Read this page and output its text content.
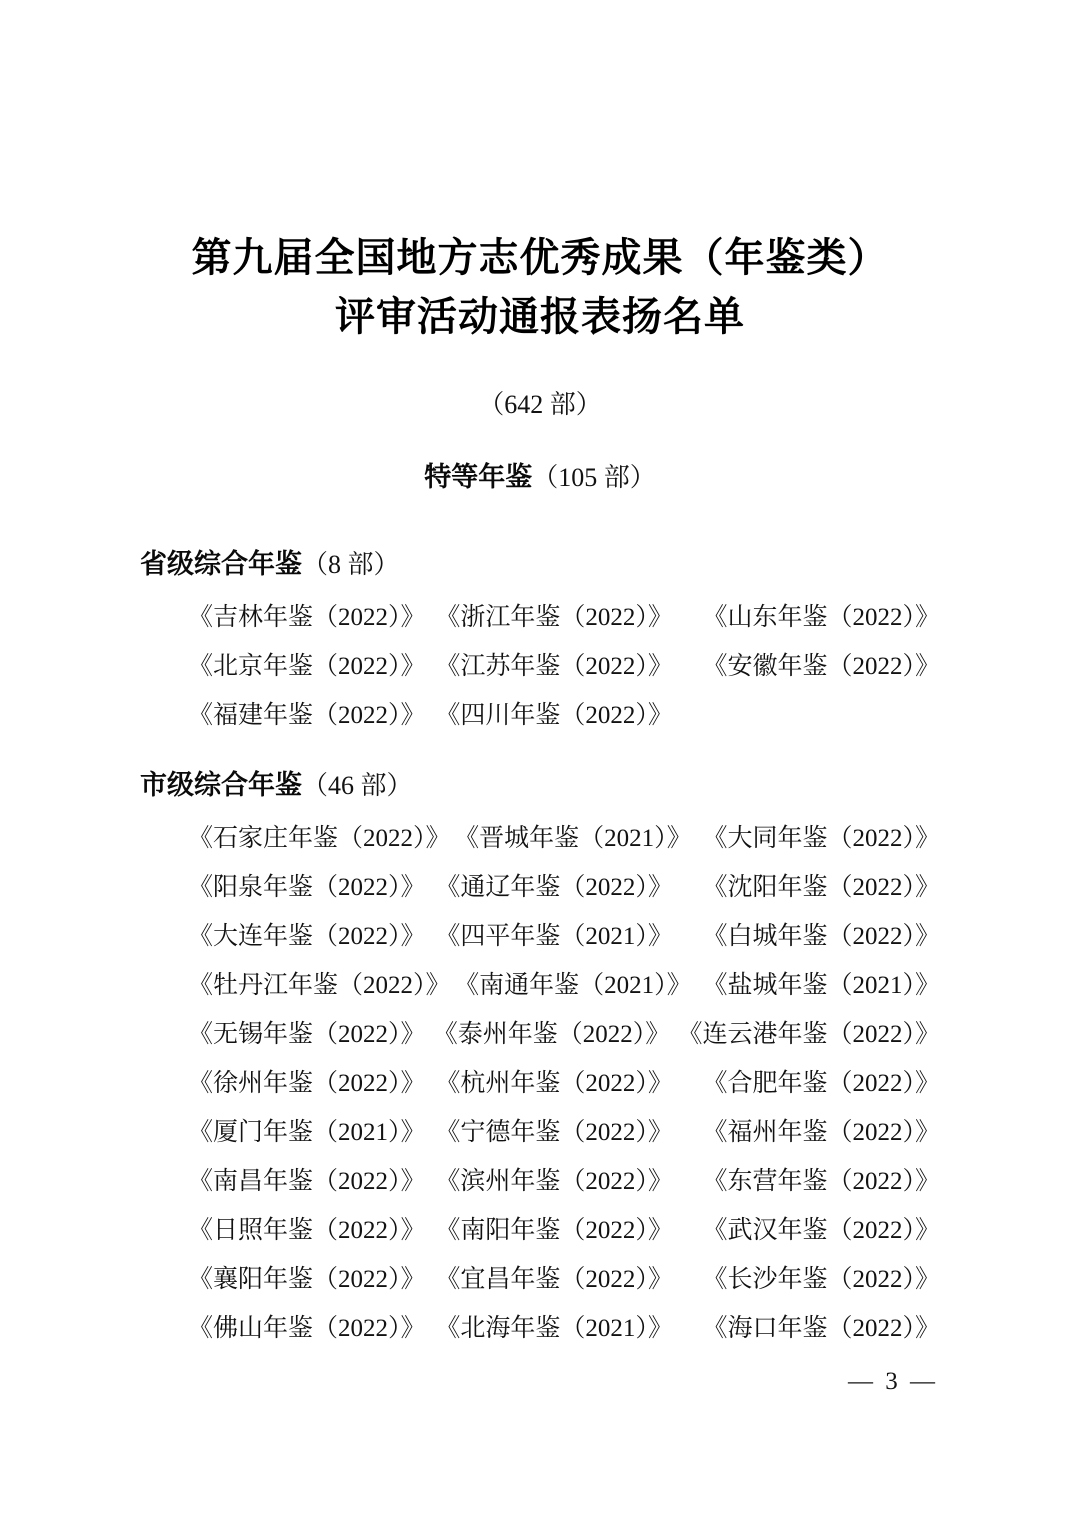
第九届全国地方志优秀成果（年鉴类）
评审活动通报表扬名单
（642 部）
特等年鉴（105 部）
省级综合年鉴（8 部）
《吉林年鉴（2022）》 《浙江年鉴（2022）》 《山东年鉴（2022）》
《北京年鉴（2022）》 《江苏年鉴（2022）》 《安徽年鉴（2022）》
《福建年鉴（2022）》 《四川年鉴（2022）》
市级综合年鉴（46 部）
《石家庄年鉴（2022）》 《晋城年鉴（2021）》 《大同年鉴（2022）》
《阳泉年鉴（2022）》 《通辽年鉴（2022）》 《沈阳年鉴（2022）》
《大连年鉴（2022）》 《四平年鉴（2021）》 《白城年鉴（2022）》
《牡丹江年鉴（2022）》 《南通年鉴（2021）》 《盐城年鉴（2021）》
《无锡年鉴（2022）》 《泰州年鉴（2022）》 《连云港年鉴（2022）》
《徐州年鉴（2022）》 《杭州年鉴（2022）》 《合肥年鉴（2022）》
《厦门年鉴（2021）》 《宁德年鉴（2022）》 《福州年鉴（2022）》
《南昌年鉴（2022）》 《滨州年鉴（2022）》 《东营年鉴（2022）》
《日照年鉴（2022）》 《南阳年鉴（2022）》 《武汉年鉴（2022）》
《襄阳年鉴（2022）》 《宜昌年鉴（2022）》 《长沙年鉴（2022）》
《佛山年鉴（2022）》 《北海年鉴（2021）》 《海口年鉴（2022）》
— 3 —
